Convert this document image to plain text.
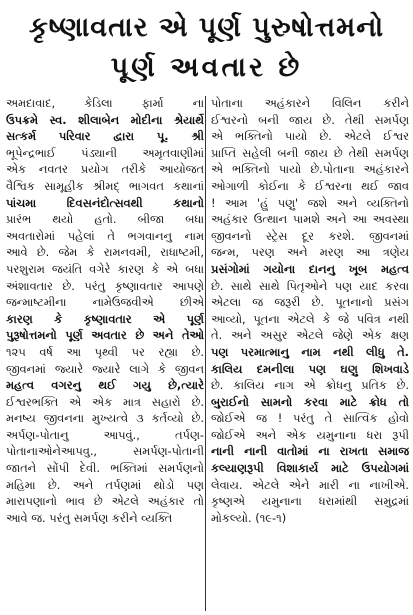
કૃષ્ણાવતાર એ પૂર્ણ પુરુષોત્તમનો
પૂર્ણ અવતાર છે
અમદાવાદ, કેડિલા ફાર્મા ના
ઉપક્રમે સ્વ. શીલાબેન મોદીના શ્રેયાર્થે
સત્કર્મ પરિવાર દ્વારા પૂ. શ્રી
ભૂપેન્દ્રભાઈ પંડ્યાની અમૃતવાણીમાં
એક નવતર પ્રયોગ તરીકે આયોજત
વૈશ્વિક સામૂહીક શ્રીમદ્ ભાગવત કથાનાં
પાંચમા દિવસનંદોત્સવથી કથાનો
પ્રારંભ થયો હતો. બીજા બધા
અવતારોમાં પહેલાં તે ભગવાનનુ નામ
આવે છે. જેમ કે રામનવમી, રાધાષ્ટમી,
પરશુરામ જયંતિ વગેરે કારણ કે એ બધા
અંશાવતાર છે. પરંતુ કૃષ્ણાવતાર આપણે
જન્માષ્ટમીના નામેઉજવીએ છીએ
કારણ કે કૃષ્ણાવતાર એ પૂર્ણ
પુરૂષોત્તમનો પૂર્ણ અવતાર છે અને તેઓ
૧૨૫ વર્ષ આ પૃથ્વી પર રહ્યા છે.
જીવનમાં જ્યારે જ્યારે લાગે કે જીવન
મહત્વ વગરનુ થઈ ગયુ છે,ત્યારે
ઈશ્વરભક્તિ એ એક માત્ર સહારો છે.
મનષ્ય જીવનના મુખ્યત્વે ૩ કર્તવ્યો છે.
અર્પણ-પોતાનુ આપવું., તર્પણ-
પોતાનાઓનેઆપવુ., સમર્પણ-પોતાની
જાતને સોંપી દેવી. ભક્તિમાં સમર્પણનો
મહિમા છે. અને તર્પણમાં થોડો પણ
મારાપણાનો ભાવ છે એટલે અહંકાર તો
આવે જ. પરંતુ સમર્પણ કરીને વ્યક્તિ
પોતાના અહંકારને વિલિન કરીને
ઈશ્વરનો બની જાય છે. તેથી સમર્પણ
એ ભક્તિનો પાયો છે. એટલે ઈશ્વર
પ્રાપ્તિ સહેલી બની જાય છે તેથી સમર્પણ
એ ભક્તિનો પાયો છે.પોતાના અહંકારને
ઓગાળી કોઈના કે ઈશ્વરના થઈ જાવ
! આમ 'હું પણુ' જશે અને વ્યક્તિનો
અહંકાર ઉત્થાન પામશે અને આ અવસ્થા
જીવનનો સ્ટ્રેસ દૂર કરશે. જીવનમાં
જન્મ, પરણ અને મરણ આ ત્રણેય
પ્રસંગોમાં ગયોના દાનનુ ખૂબ મહત્વ
છે. સાથે સાથે પિતૃઓને પણ યાદ કરવા
એટલા જ જરૂરી છે. પૂતનાનો પ્રસંગ
આવ્યો, પૂતના એટલે કે જે પવિત્ર નથી
તે. અને અસુર એટલે જેણે એક ક્ષણ
પણ પરમાત્માનુ નામ નથી લીધુ તે.
કાલિય દમનીલા પણ ઘણુ શિખવાડે
છે. કાલિય નાગ એ ક્રોધનુ પ્રતિક છે.
બુરાઈનો સામનો કરવા માટે ક્રોધ તો
જોઈએ જ ! પરંતુ તે સાત્વિક હોવો
જોઈએ અને એક યમુનાના ધરા રૂપી
નાની નાની વાતોમાં ના રાખતા સમાજ
કલ્યાણરૂપી વિશાકાર્ય માટે ઉપયોગમાં
લેવાય. એટલે એને મારી ના નાખીએ.
કૃષ્ણએ યમુનાના ધરામાંથી સમુદ્રમાં
મોકલ્યો. (૧૯-૧)
